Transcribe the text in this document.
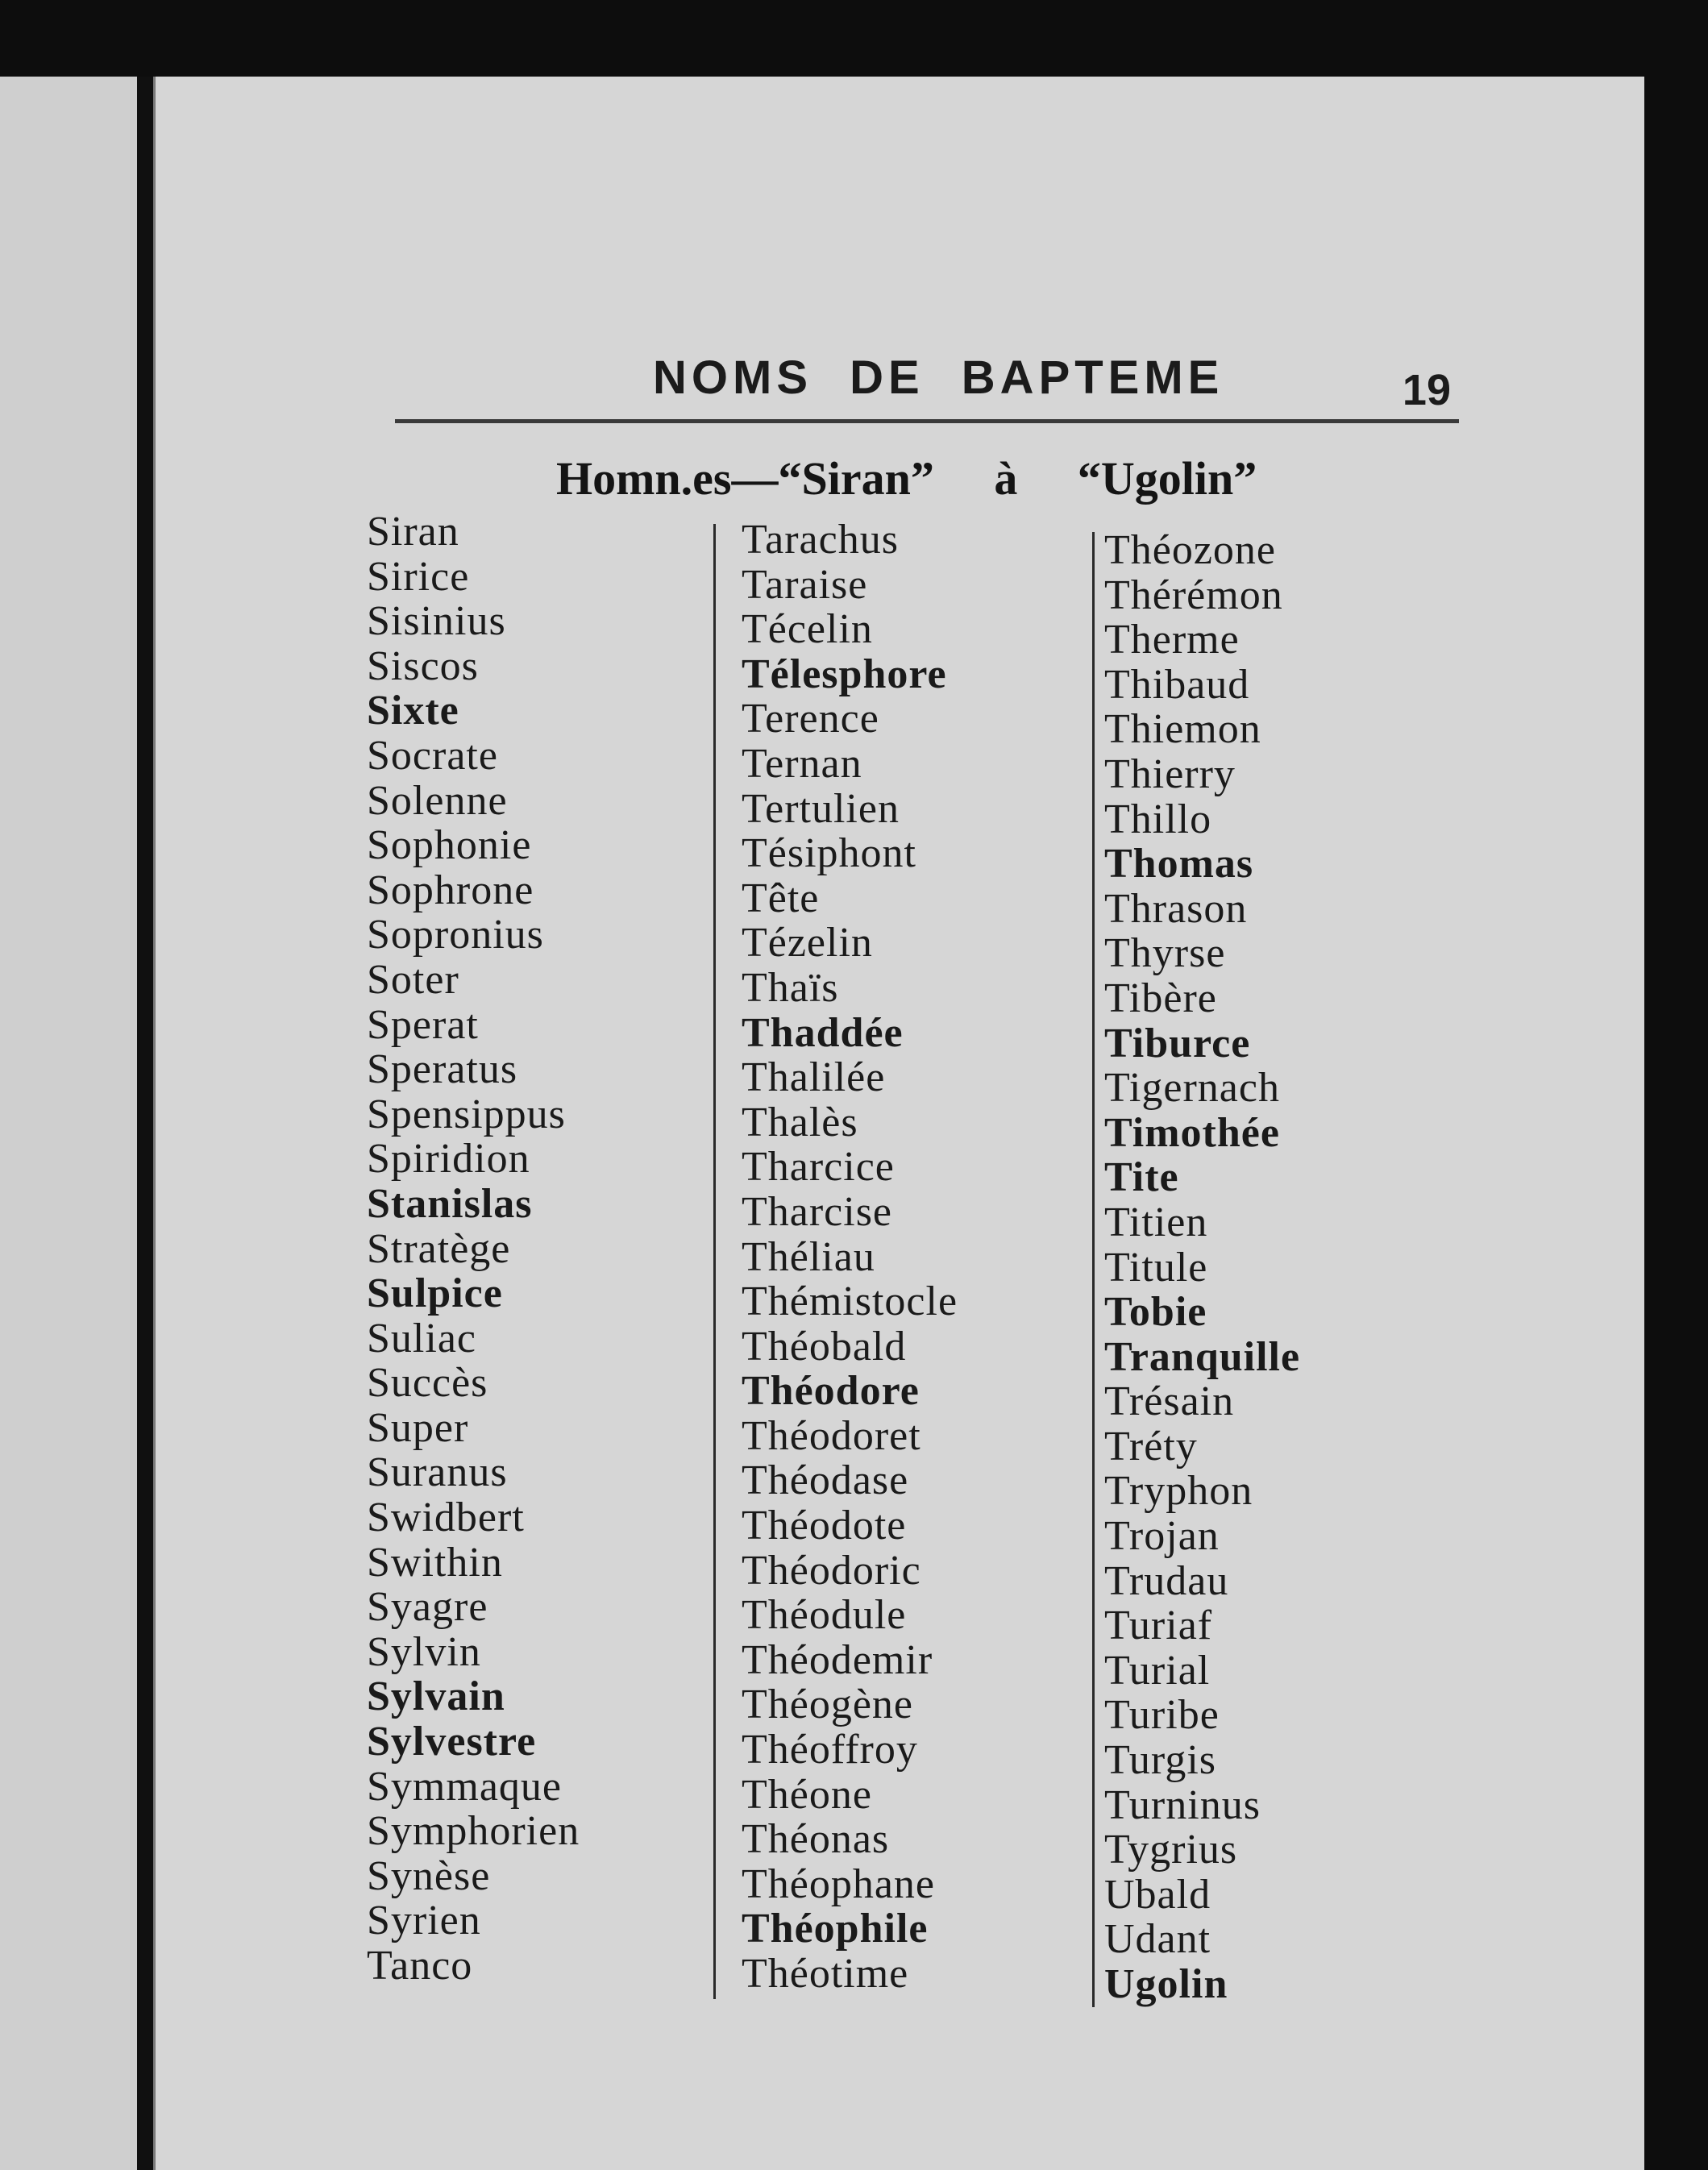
NOMS DE BAPTEME	19
Homn.es—“Siran” à “Ugolin”
Siran
Sirice
Sisinius
Siscos
Sixte
Socrate
Solenne
Sophonie
Sophrone
Sopronius
Soter
Sperat
Speratus
Spensippus
Spiridion
Stanislas
Stratège
Sulpice
Suliac
Succès
Super
Suranus
Swidbert
Swithin
Syagre
Sylvin
Sylvain
Sylvestre
Symmaque
Symphorien
Synèse
Syrien
Tanco
Tarachus
Taraise
Técelin
Télesphore
Terence
Ternan
Tertulien
Tésiphont
Tête
Tézelin
Thaïs
Thaddée
Thalilée
Thalès
Tharcice
Tharcise
Théliau
Thémistocle
Théobald
Théodore
Théodoret
Théodase
Théodote
Théodoric
Théodule
Théodemir
Théogène
Théoffroy
Théone
Théonas
Théophane
Théophile
Théotime
Théozone
Thérémon
Therme
Thibaud
Thiemon
Thierry
Thillo
Thomas
Thrason
Thyrse
Tibère
Tiburce
Tigernach
Timothée
Tite
Titien
Titule
Tobie
Tranquille
Trésain
Tréty
Tryphon
Trojan
Trudau
Turiaf
Turial
Turibe
Turgis
Turninus
Tygrius
Ubald
Udant
Ugolin
